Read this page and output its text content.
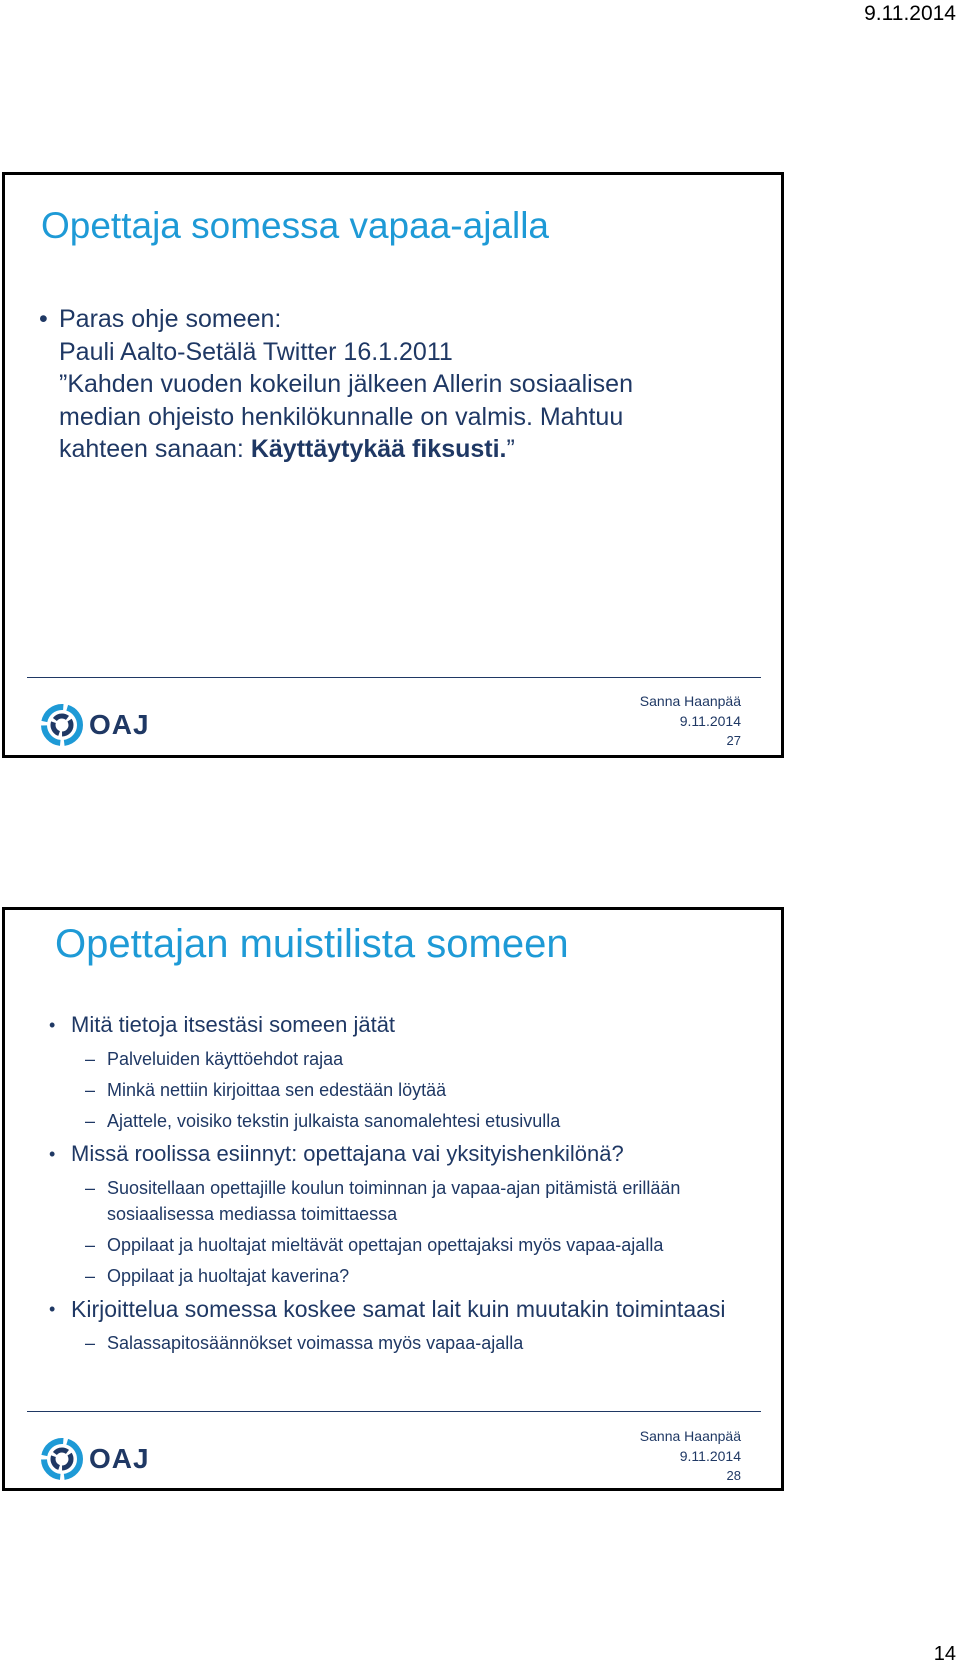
9.11.2014
Opettaja somessa vapaa-ajalla
• Paras ohje someen:
Pauli Aalto-Setälä Twitter 16.1.2011
”Kahden vuoden kokeilun jälkeen Allerin sosiaalisen
median ohjeisto henkilökunnalle on valmis. Mahtuu
kahteen sanaan: Käyttäytykää fiksusti.”
OAJ
Sanna Haanpää
9.11.2014
27
Opettajan muistilista someen
• Mitä tietoja itsestäsi someen jätät
– Palveluiden käyttöehdot rajaa
– Minkä nettiin kirjoittaa sen edestään löytää
– Ajattele, voisiko tekstin julkaista sanomalehtesi etusivulla
• Missä roolissa esiinnyt: opettajana vai yksityishenkilönä?
– Suositellaan opettajille koulun toiminnan ja vapaa-ajan pitämistä erillään sosiaalisessa mediassa toimittaessa
– Oppilaat ja huoltajat mieltävät opettajan opettajaksi myös vapaa-ajalla
– Oppilaat ja huoltajat kaverina?
• Kirjoittelua somessa koskee samat lait kuin muutakin toimintaasi
– Salassapitosäännökset voimassa myös vapaa-ajalla
OAJ
Sanna Haanpää
9.11.2014
28
14
